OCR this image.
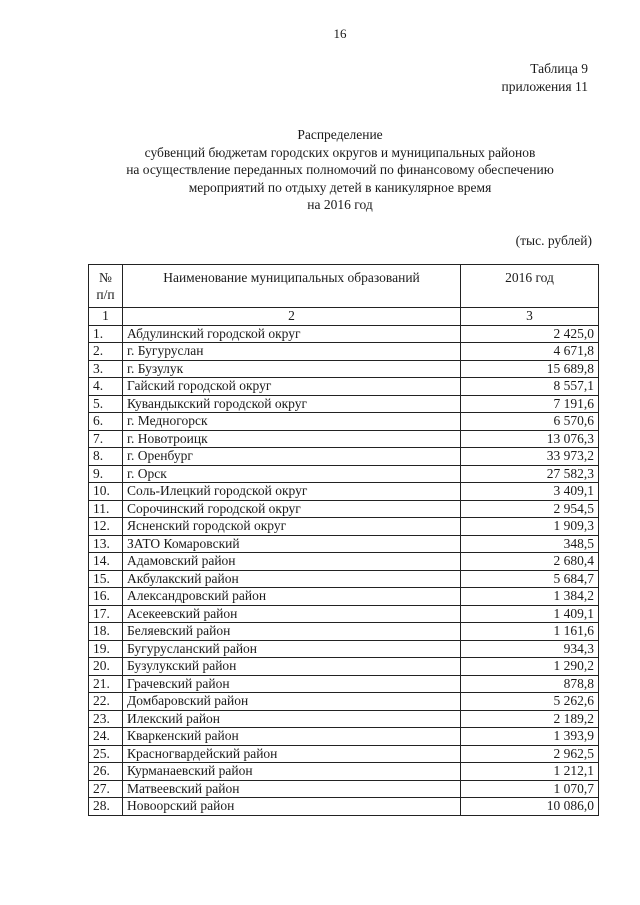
16
Таблица 9
приложения 11
Распределение
субвенций бюджетам городских округов и муниципальных районов
на осуществление переданных полномочий по финансовому обеспечению
мероприятий по отдыху детей в каникулярное время
на 2016 год
(тыс. рублей)
№ п/п	Наименование муниципальных образований	2016 год
1	2	3
1.	Абдулинский городской округ	2 425,0
2.	г. Бугуруслан	4 671,8
3.	г. Бузулук	15 689,8
4.	Гайский городской округ	8 557,1
5.	Кувандыкский городской округ	7 191,6
6.	г. Медногорск	6 570,6
7.	г. Новотроицк	13 076,3
8.	г. Оренбург	33 973,2
9.	г. Орск	27 582,3
10.	Соль-Илецкий городской округ	3 409,1
11.	Сорочинский городской округ	2 954,5
12.	Ясненский городской округ	1 909,3
13.	ЗАТО Комаровский	348,5
14.	Адамовский район	2 680,4
15.	Акбулакский район	5 684,7
16.	Александровский район	1 384,2
17.	Асекеевский район	1 409,1
18.	Беляевский район	1 161,6
19.	Бугурусланский район	934,3
20.	Бузулукский район	1 290,2
21.	Грачевский район	878,8
22.	Домбаровский район	5 262,6
23.	Илекский район	2 189,2
24.	Кваркенский район	1 393,9
25.	Красногвардейский район	2 962,5
26.	Курманаевский район	1 212,1
27.	Матвеевский район	1 070,7
28.	Новоорский район	10 086,0
